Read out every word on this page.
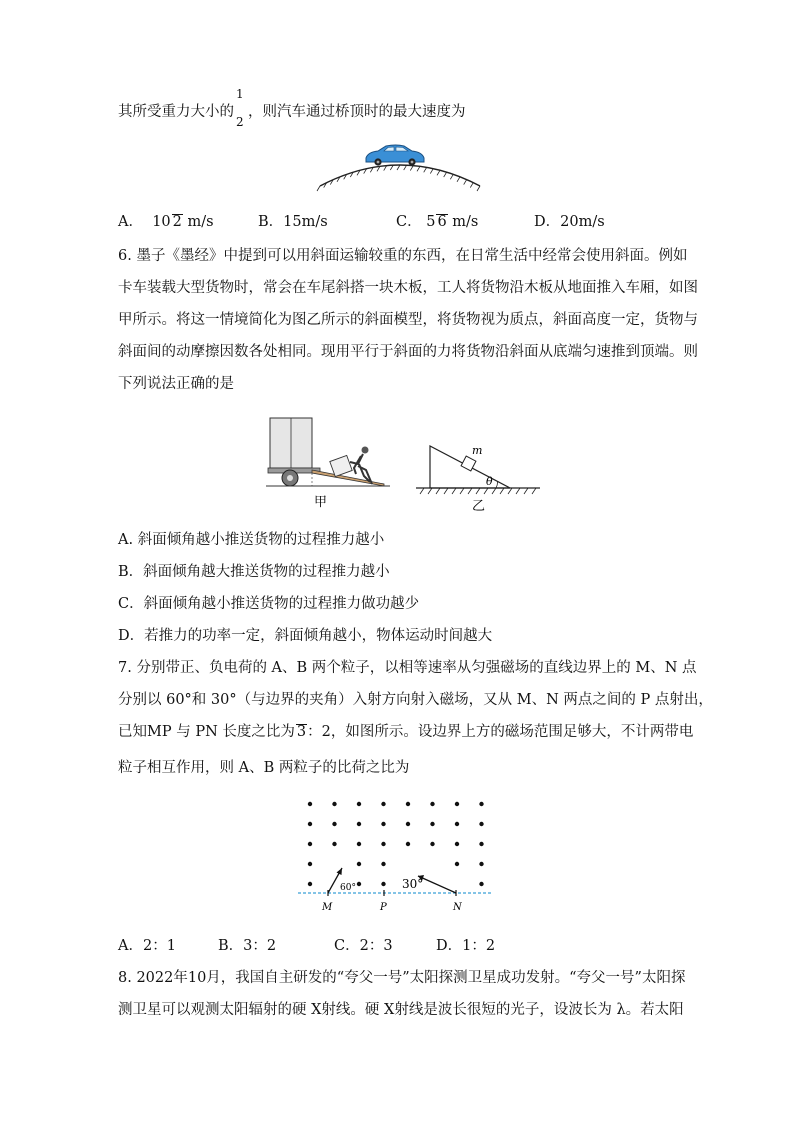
其所受重力大小的
1
2
，则汽车通过桥顶时的最大速度为
A． 10 2 m/s	B．15m/s	C． 5 6 m/s	D．20m/s
6. 墨子《墨经》中提到可以用斜面运输较重的东西，在日常生活中经常会使用斜面。例如
卡车装载大型货物时，常会在车尾斜搭一块木板，工人将货物沿木板从地面推入车厢，如图
甲所示。将这一情境简化为图乙所示的斜面模型，将货物视为质点，斜面高度一定，货物与
斜面间的动摩擦因数各处相同。现用平行于斜面的力将货物沿斜面从底端匀速推到顶端。则
下列说法正确的是
甲
m
θ
乙
A. 斜面倾角越小推送货物的过程推力越小
B．斜面倾角越大推送货物的过程推力越小
C．斜面倾角越小推送货物的过程推力做功越少
D．若推力的功率一定，斜面倾角越小，物体运动时间越大
7. 分别带正、负电荷的 A、B 两个粒子，以相等速率从匀强磁场的直线边界上的 M、N 点
分别以 60°和 30°（与边界的夹角）入射方向射入磁场，又从 M、N 两点之间的 P 点射出，
已知MP 与 PN 长度之比为 3：2，如图所示。设边界上方的磁场范围足够大，不计两带电
粒子相互作用，则 A、B 两粒子的比荷之比为
60°	30°
M	P	N
A．2：1	B．3：2	C．2：3	D．1：2
8. 2022年10月，我国自主研发的“夸父一号”太阳探测卫星成功发射。“夸父一号”太阳探
测卫星可以观测太阳辐射的硬 X射线。硬 X射线是波长很短的光子，设波长为 λ。若太阳
